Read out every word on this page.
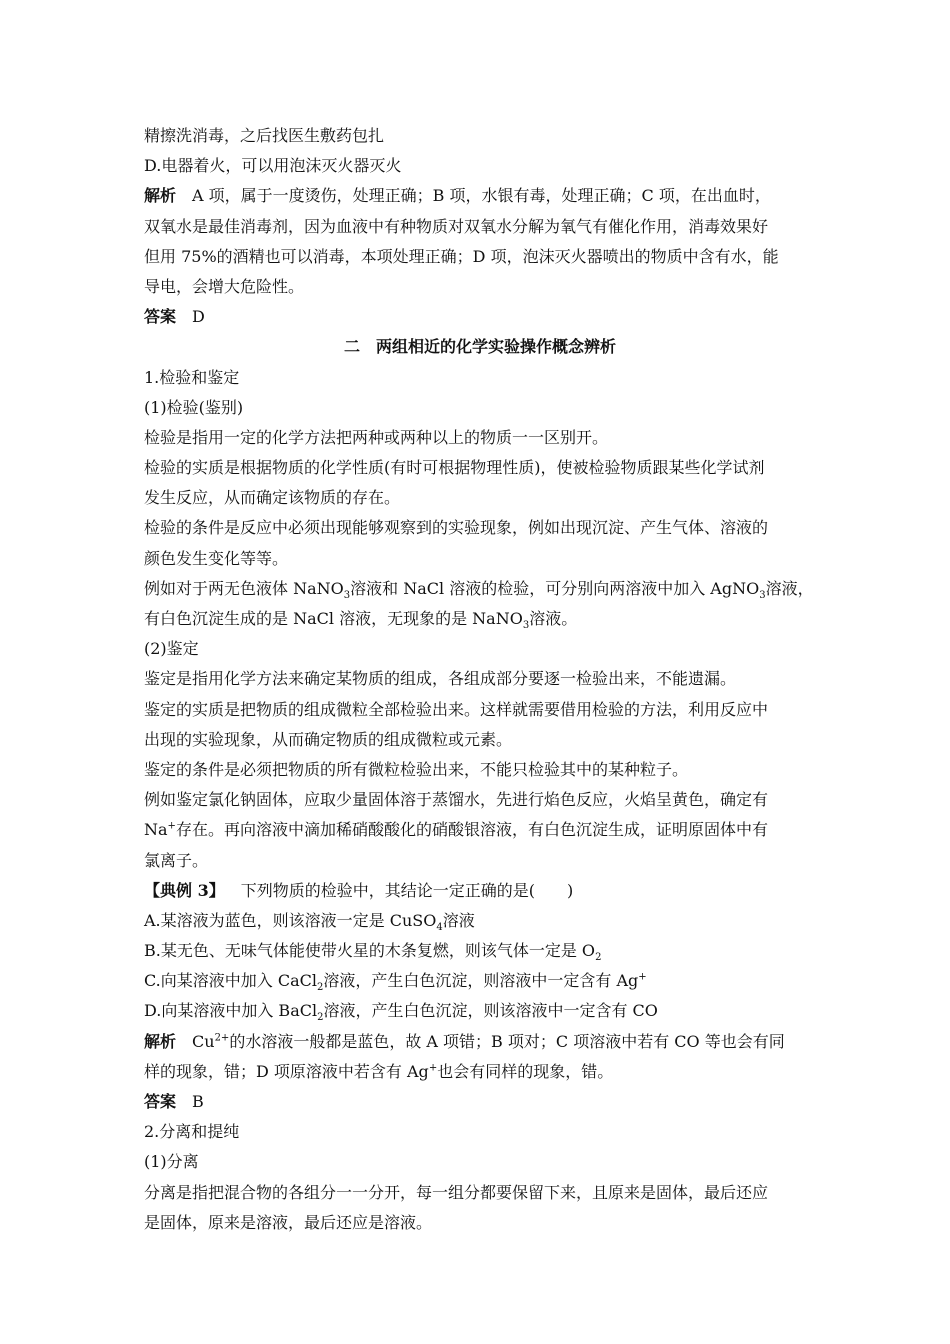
精擦洗消毒，之后找医生敷药包扎

D.电器着火，可以用泡沫灭火器灭火

解析 A 项，属于一度烫伤，处理正确；B 项，水银有毒，处理正确；C 项，在出血时，

双氧水是最佳消毒剂，因为血液中有种物质对双氧水分解为氧气有催化作用，消毒效果好

但用 75%的酒精也可以消毒，本项处理正确；D 项，泡沫灭火器喷出的物质中含有水，能

导电，会增大危险性。

答案 D

二　两组相近的化学实验操作概念辨析

1.检验和鉴定

(1)检验(鉴别)

检验是指用一定的化学方法把两种或两种以上的物质一一区别开。

检验的实质是根据物质的化学性质(有时可根据物理性质)，使被检验物质跟某些化学试剂

发生反应，从而确定该物质的存在。

检验的条件是反应中必须出现能够观察到的实验现象，例如出现沉淀、产生气体、溶液的

颜色发生变化等等。

例如对于两无色液体 NaNO$_3$溶液和 NaCl 溶液的检验，可分别向两溶液中加入 AgNO$_3$溶液，

有白色沉淀生成的是 NaCl 溶液，无现象的是 NaNO$_3$溶液。

(2)鉴定

鉴定是指用化学方法来确定某物质的组成，各组成部分要逐一检验出来，不能遗漏。

鉴定的实质是把物质的组成微粒全部检验出来。这样就需要借用检验的方法，利用反应中

出现的实验现象，从而确定物质的组成微粒或元素。

鉴定的条件是必须把物质的所有微粒检验出来，不能只检验其中的某种粒子。

例如鉴定氯化钠固体，应取少量固体溶于蒸馏水，先进行焰色反应，火焰呈黄色，确定有

Na+存在。再向溶液中滴加稀硝酸酸化的硝酸银溶液，有白色沉淀生成，证明原固体中有

氯离子。

【典例 3】 下列物质的检验中，其结论一定正确的是(　　)

A.某溶液为蓝色，则该溶液一定是 CuSO$_4$溶液

B.某无色、无味气体能使带火星的木条复燃，则该气体一定是 $O_2$

C.向某溶液中加入 CaCl$_2$溶液，产生白色沉淀，则溶液中一定含有 Ag+

D.向某溶液中加入 BaCl$_2$溶液，产生白色沉淀，则该溶液中一定含有 CO

解析 $Cu^{2+}$的水溶液一般都是蓝色，故 A 项错；B 项对；C 项溶液中若有 CO 等也会有同

样的现象，错；D 项原溶液中若含有 Ag+也会有同样的现象，错。

答案 B

2.分离和提纯

(1)分离

分离是指把混合物的各组分一一分开，每一组分都要保留下来，且原来是固体，最后还应

是固体，原来是溶液，最后还应是溶液。
